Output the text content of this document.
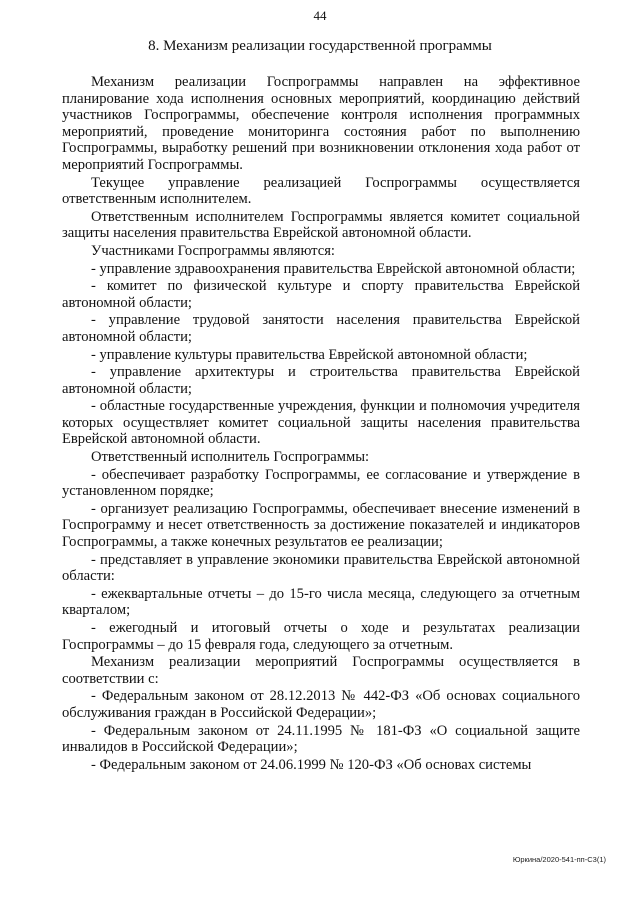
44
8. Механизм реализации государственной программы

Механизм реализации Госпрограммы направлен на эффективное планирование хода исполнения основных мероприятий, координацию действий участников Госпрограммы, обеспечение контроля исполнения программных мероприятий, проведение мониторинга состояния работ по выполнению Госпрограммы, выработку решений при возникновении отклонения хода работ от мероприятий Госпрограммы.

Текущее управление реализацией Госпрограммы осуществляется ответственным исполнителем.

Ответственным исполнителем Госпрограммы является комитет социальной защиты населения правительства Еврейской автономной области.

Участниками Госпрограммы являются:

- управление здравоохранения правительства Еврейской автономной области;

- комитет по физической культуре и спорту правительства Еврейской автономной области;

- управление трудовой занятости населения правительства Еврейской автономной области;

- управление культуры правительства Еврейской автономной области;

- управление архитектуры и строительства правительства Еврейской автономной области;

- областные государственные учреждения, функции и полномочия учредителя которых осуществляет комитет социальной защиты населения правительства Еврейской автономной области.

Ответственный исполнитель Госпрограммы:

- обеспечивает разработку Госпрограммы, ее согласование и утверждение в установленном порядке;

- организует реализацию Госпрограммы, обеспечивает внесение изменений в Госпрограмму и несет ответственность за достижение показателей и индикаторов Госпрограммы, а также конечных результатов ее реализации;

- представляет в управление экономики правительства Еврейской автономной области:

- ежеквартальные отчеты – до 15-го числа месяца, следующего за отчетным кварталом;

- ежегодный и итоговый отчеты о ходе и результатах реализации Госпрограммы – до 15 февраля года, следующего за отчетным.

Механизм реализации мероприятий Госпрограммы осуществляется в соответствии с:

- Федеральным законом от 28.12.2013 № 442-ФЗ «Об основах социального обслуживания граждан в Российской Федерации»;

- Федеральным законом от 24.11.1995 № 181-ФЗ «О социальной защите инвалидов в Российской Федерации»;

- Федеральным законом от 24.06.1999 № 120-ФЗ «Об основах системы

Юркина/2020-541-пп-С3(1)
